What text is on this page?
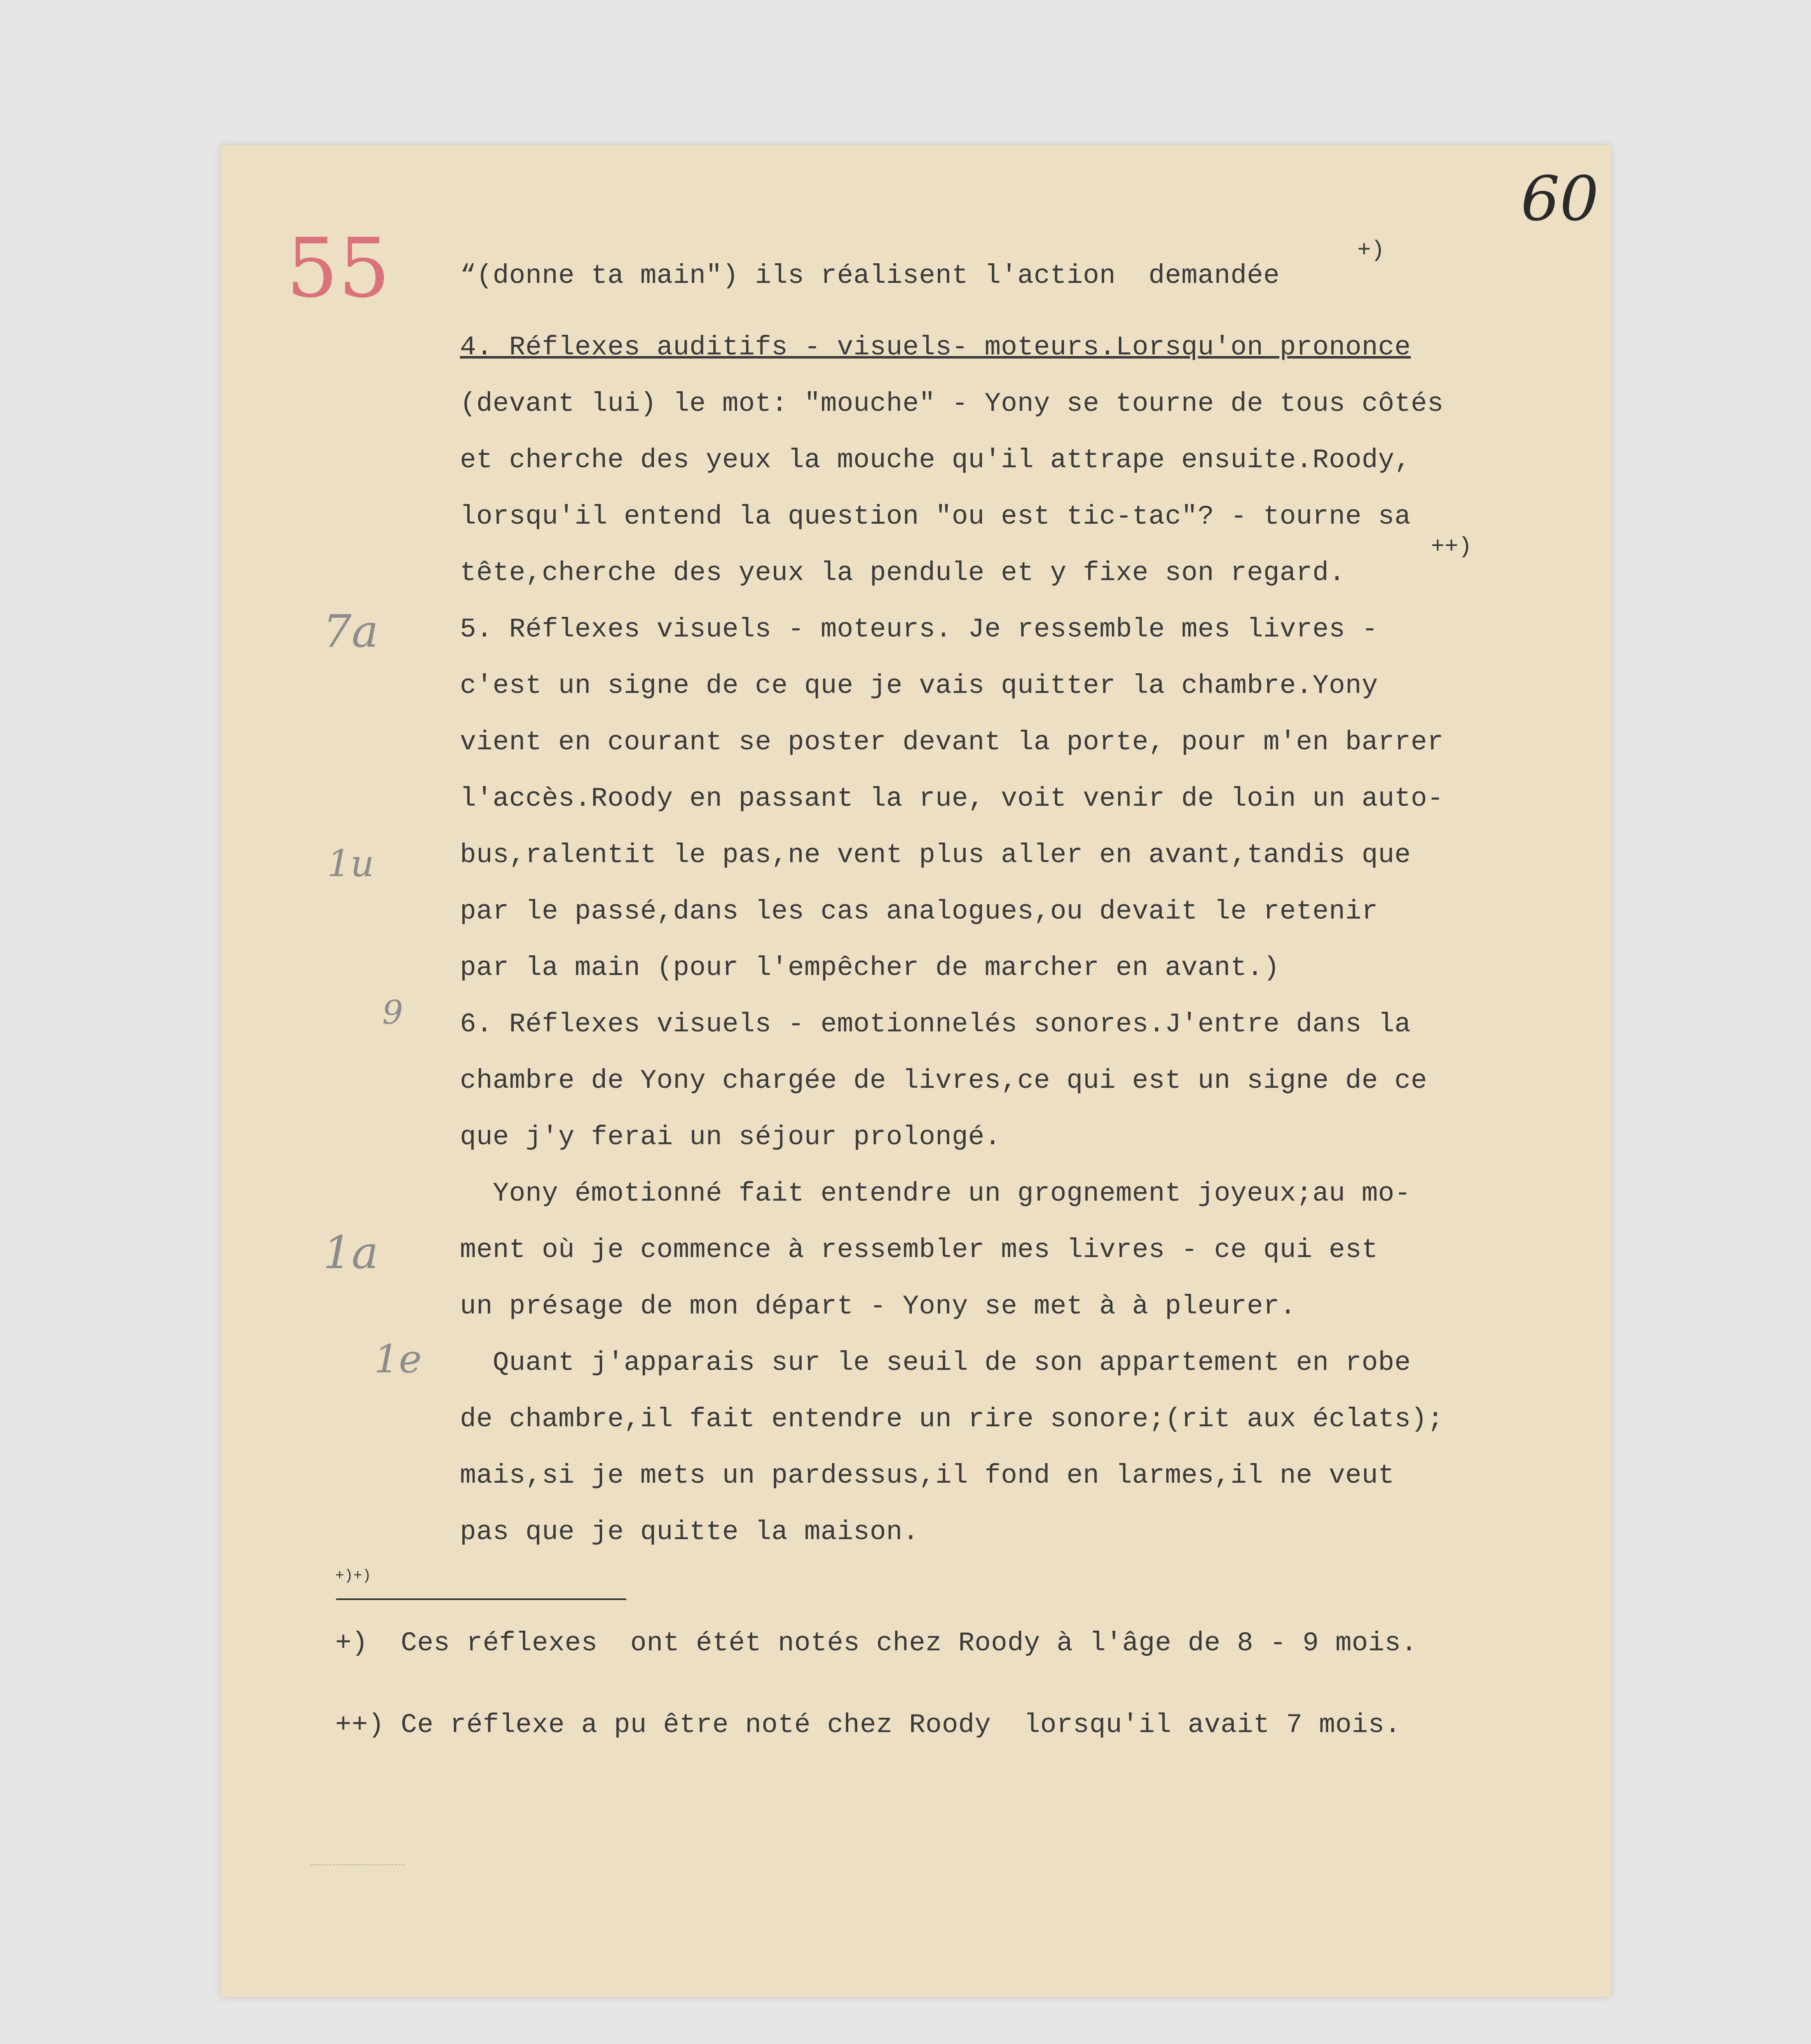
60
55	“(donne ta main") ils réalisent l'action  demandée
4. Réflexes auditifs - visuels- moteurs.Lorsqu'on prononce
(devant lui) le mot: "mouche" - Yony se tourne de tous côtés
et cherche des yeux la mouche qu'il attrape ensuite.Roody,
lorsqu'il entend la question "ou est tic-tac"? - tourne sa
tête,cherche des yeux la pendule et y fixe son regard.
5. Réflexes visuels - moteurs. Je ressemble mes livres -
c'est un signe de ce que je vais quitter la chambre.Yony
vient en courant se poster devant la porte, pour m'en barrer
l'accès.Roody en passant la rue, voit venir de loin un auto-
bus,ralentit le pas,ne vent plus aller en avant,tandis que
par le passé,dans les cas analogues,ou devait le retenir
par la main (pour l'empêcher de marcher en avant.)
6. Réflexes visuels - emotionnelés sonores.J'entre dans la
chambre de Yony chargée de livres,ce qui est un signe de ce
que j'y ferai un séjour prolongé.
Yony émotionné fait entendre un grognement joyeux;au mo-
ment où je commence à ressembler mes livres - ce qui est
un présage de mon départ - Yony se met à à pleurer.
Quant j'apparais sur le seuil de son appartement en robe
de chambre,il fait entendre un rire sonore;(rit aux éclats);
mais,si je mets un pardessus,il fond en larmes,il ne veut
pas que je quitte la maison.
+)
++)
7a
1u
9
1a
1e
+)+)
+)  Ces réflexes  ont étét notés chez Roody à l'âge de 8 - 9 mois.
++) Ce réflexe a pu être noté chez Roody  lorsqu'il avait 7 mois.
